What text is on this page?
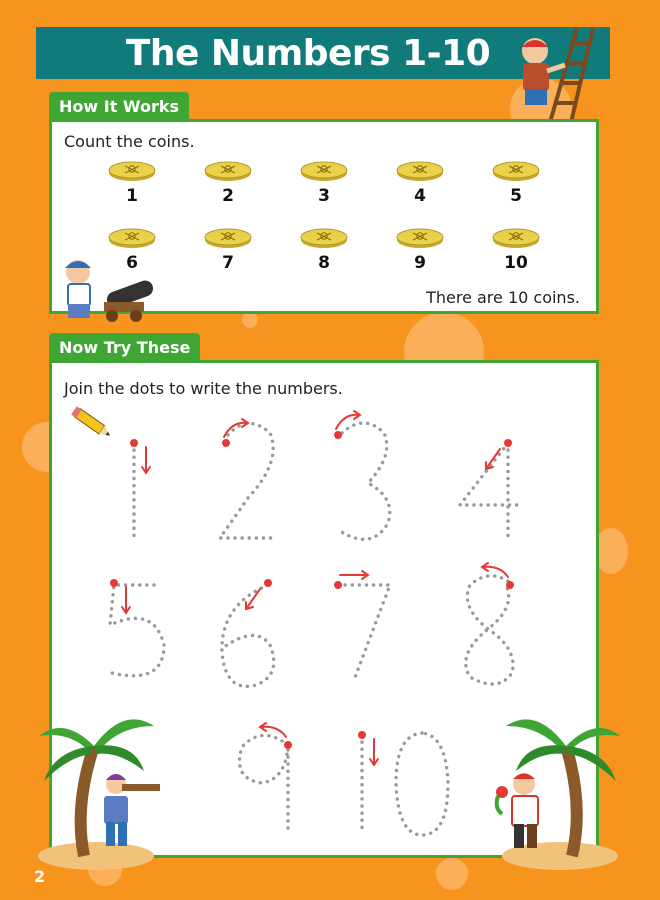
The Numbers 1-10
How It Works
Count the coins.
1	2	3	4	5
6	7	8	9	10
There are 10 coins.
Now Try These
Join the dots to write the numbers.
2
